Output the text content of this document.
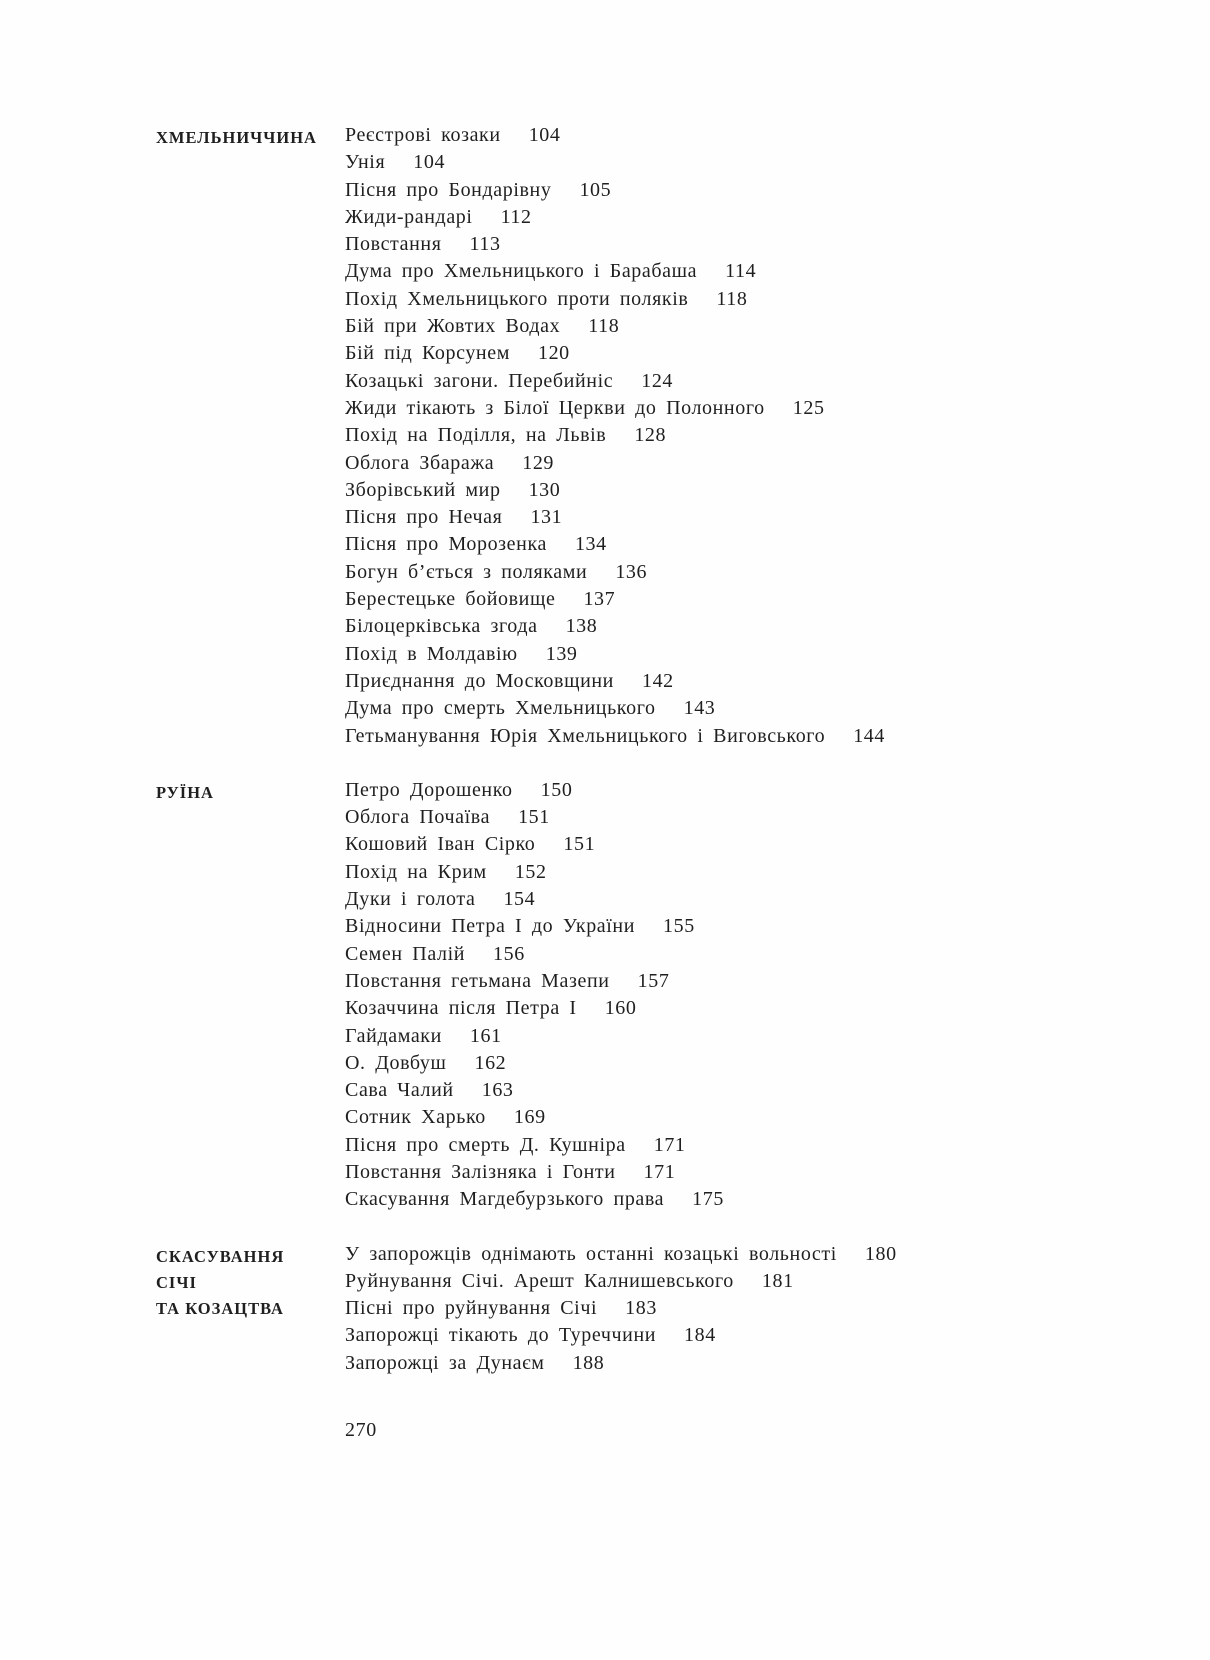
ХМЕЛЬНИЧЧИНА	Реєстрові козаки 104
Унія 104
Пісня про Бондарівну 105
Жиди-рандарі 112
Повстання 113
Дума про Хмельницького і Барабаша 114
Похід Хмельницького проти поляків 118
Бій при Жовтих Водах 118
Бій під Корсунем 120
Козацькі загони. Перебийніс 124
Жиди тікають з Білої Церкви до Полонного 125
Похід на Поділля, на Львів 128
Облога Збаража 129
Зборівський мир 130
Пісня про Нечая 131
Пісня про Морозенка 134
Богун б’ється з поляками 136
Берестецьке бойовище 137
Білоцерківська згода 138
Похід в Молдавію 139
Приєднання до Московщини 142
Дума про смерть Хмельницького 143
Гетьманування Юрія Хмельницького і Виговського 144
РУЇНА	Петро Дорошенко 150
Облога Почаїва 151
Кошовий Іван Сірко 151
Похід на Крим 152
Дуки і голота 154
Відносини Петра І до України 155
Семен Палій 156
Повстання гетьмана Мазепи 157
Козаччина після Петра І 160
Гайдамаки 161
О. Довбуш 162
Сава Чалий 163
Сотник Харько 169
Пісня про смерть Д. Кушніра 171
Повстання Залізняка і Гонти 171
Скасування Магдебурзького права 175
СКАСУВАННЯ
СІЧІ
ТА КОЗАЦТВА
У запорожців однімають останні козацькі вольності 180
Руйнування Січі. Арешт Калнишевського 181
Пісні про руйнування Січі 183
Запорожці тікають до Туреччини 184
Запорожці за Дунаєм 188
270
